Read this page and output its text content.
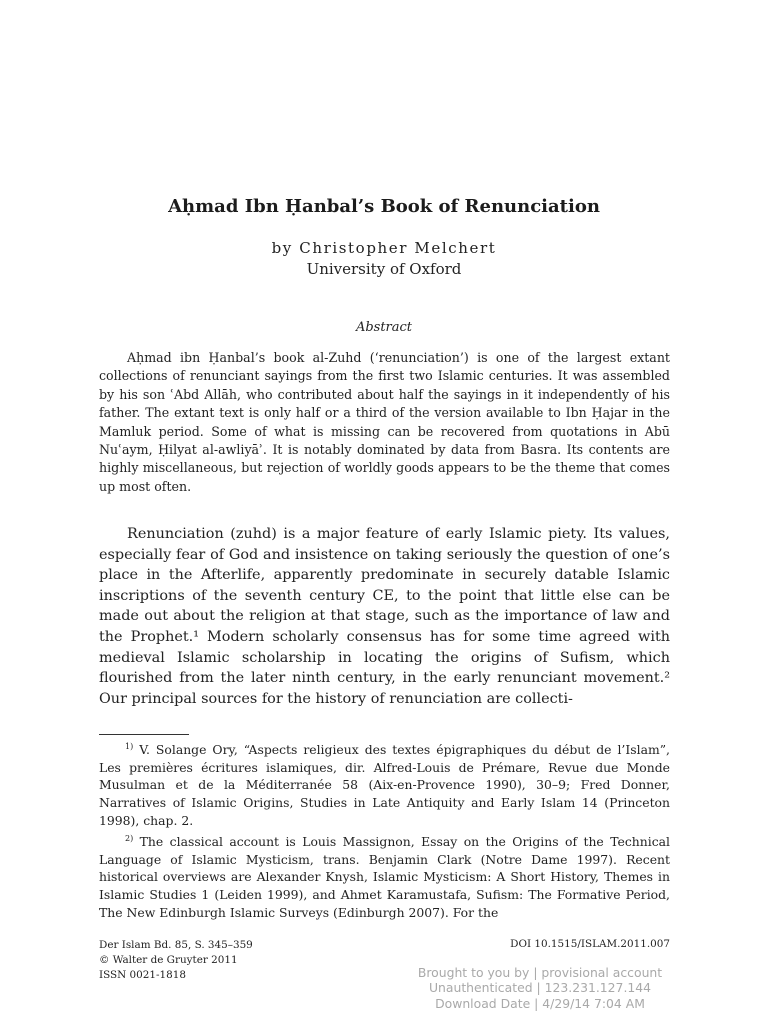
Aḥmad Ibn Ḥanbal’s Book of Renunciation
by Christopher Melchert
University of Oxford
Abstract

Aḥmad ibn Ḥanbal’s book al-Zuhd (‘renunciation’) is one of the largest extant collections of renunciant sayings from the first two Islamic centuries. It was assembled by his son ʿAbd Allāh, who contributed about half the sayings in it independently of his father. The extant text is only half or a third of the version available to Ibn Ḥajar in the Mamluk period. Some of what is missing can be recovered from quotations in Abū Nuʿaym, Ḥilyat al-awliyāʾ. It is notably dominated by data from Basra. Its contents are highly miscellaneous, but rejection of worldly goods appears to be the theme that comes up most often.

Renunciation (zuhd) is a major feature of early Islamic piety. Its values, especially fear of God and insistence on taking seriously the question of one’s place in the Afterlife, apparently predominate in securely datable Islamic inscriptions of the seventh century CE, to the point that little else can be made out about the religion at that stage, such as the importance of law and the Prophet.¹ Modern scholarly consensus has for some time agreed with medieval Islamic scholarship in locating the origins of Sufism, which flourished from the later ninth century, in the early renunciant movement.² Our principal sources for the history of renunciation are collecti-

$^{1)}$ V. Solange Ory, “Aspects religieux des textes épigraphiques du début de l’Islam”, Les premières écritures islamiques, dir. Alfred-Louis de Prémare, Revue due Monde Musulman et de la Méditerranée 58 (Aix-en-Provence 1990), 30–9; Fred Donner, Narratives of Islamic Origins, Studies in Late Antiquity and Early Islam 14 (Princeton 1998), chap. 2.

$^{2)}$ The classical account is Louis Massignon, Essay on the Origins of the Technical Language of Islamic Mysticism, trans. Benjamin Clark (Notre Dame 1997). Recent historical overviews are Alexander Knysh, Islamic Mysticism: A Short History, Themes in Islamic Studies 1 (Leiden 1999), and Ahmet Karamustafa, Sufism: The Formative Period, The New Edinburgh Islamic Surveys (Edinburgh 2007). For the

Der Islam Bd. 85, S. 345–359
© Walter de Gruyter 2011
ISSN 0021-1818
DOI 10.1515/ISLAM.2011.007
Brought to you by | provisional account
Unauthenticated | 123.231.127.144
Download Date | 4/29/14 7:04 AM
